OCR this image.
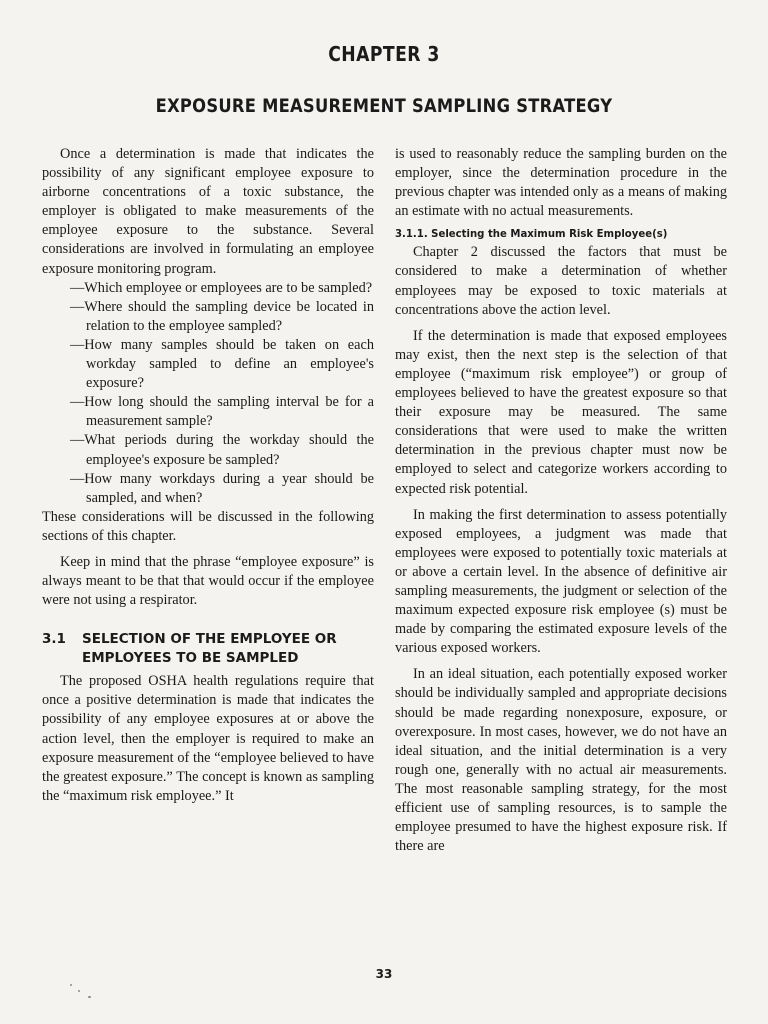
CHAPTER 3
EXPOSURE MEASUREMENT SAMPLING STRATEGY

Once a determination is made that indicates the possibility of any significant employee exposure to airborne concentrations of a toxic substance, the employer is obligated to make measurements of the employee exposure to the substance. Several considerations are involved in formulating an employee exposure monitoring program.

—Which employee or employees are to be sampled?
—Where should the sampling device be located in relation to the employee sampled?
—How many samples should be taken on each workday sampled to define an employee's exposure?
—How long should the sampling interval be for a measurement sample?
—What periods during the workday should the employee's exposure be sampled?
—How many workdays during a year should be sampled, and when?

These considerations will be discussed in the following sections of this chapter.

Keep in mind that the phrase “employee exposure” is always meant to be that that would occur if the employee were not using a respirator.

3.1 SELECTION OF THE EMPLOYEE OR
EMPLOYEES TO BE SAMPLED

The proposed OSHA health regulations require that once a positive determination is made that indicates the possibility of any employee exposures at or above the action level, then the employer is required to make an exposure measurement of the “employee believed to have the greatest exposure.” The concept is known as sampling the “maximum risk employee.” It

is used to reasonably reduce the sampling burden on the employer, since the determination procedure in the previous chapter was intended only as a means of making an estimate with no actual measurements.

3.1.1. Selecting the Maximum Risk Employee(s)

Chapter 2 discussed the factors that must be considered to make a determination of whether employees may be exposed to toxic materials at concentrations above the action level.

If the determination is made that exposed employees may exist, then the next step is the selection of that employee (“maximum risk employee”) or group of employees believed to have the greatest exposure so that their exposure may be measured. The same considerations that were used to make the written determination in the previous chapter must now be employed to select and categorize workers according to expected risk potential.

In making the first determination to assess potentially exposed employees, a judgment was made that employees were exposed to potentially toxic materials at or above a certain level. In the absence of definitive air sampling measurements, the judgment or selection of the maximum expected exposure risk employee (s) must be made by comparing the estimated exposure levels of the various exposed workers.

In an ideal situation, each potentially exposed worker should be individually sampled and appropriate decisions should be made regarding nonexposure, exposure, or overexposure. In most cases, however, we do not have an ideal situation, and the initial determination is a very rough one, generally with no actual air measurements. The most reasonable sampling strategy, for the most efficient use of sampling resources, is to sample the employee presumed to have the highest exposure risk. If there are

33
